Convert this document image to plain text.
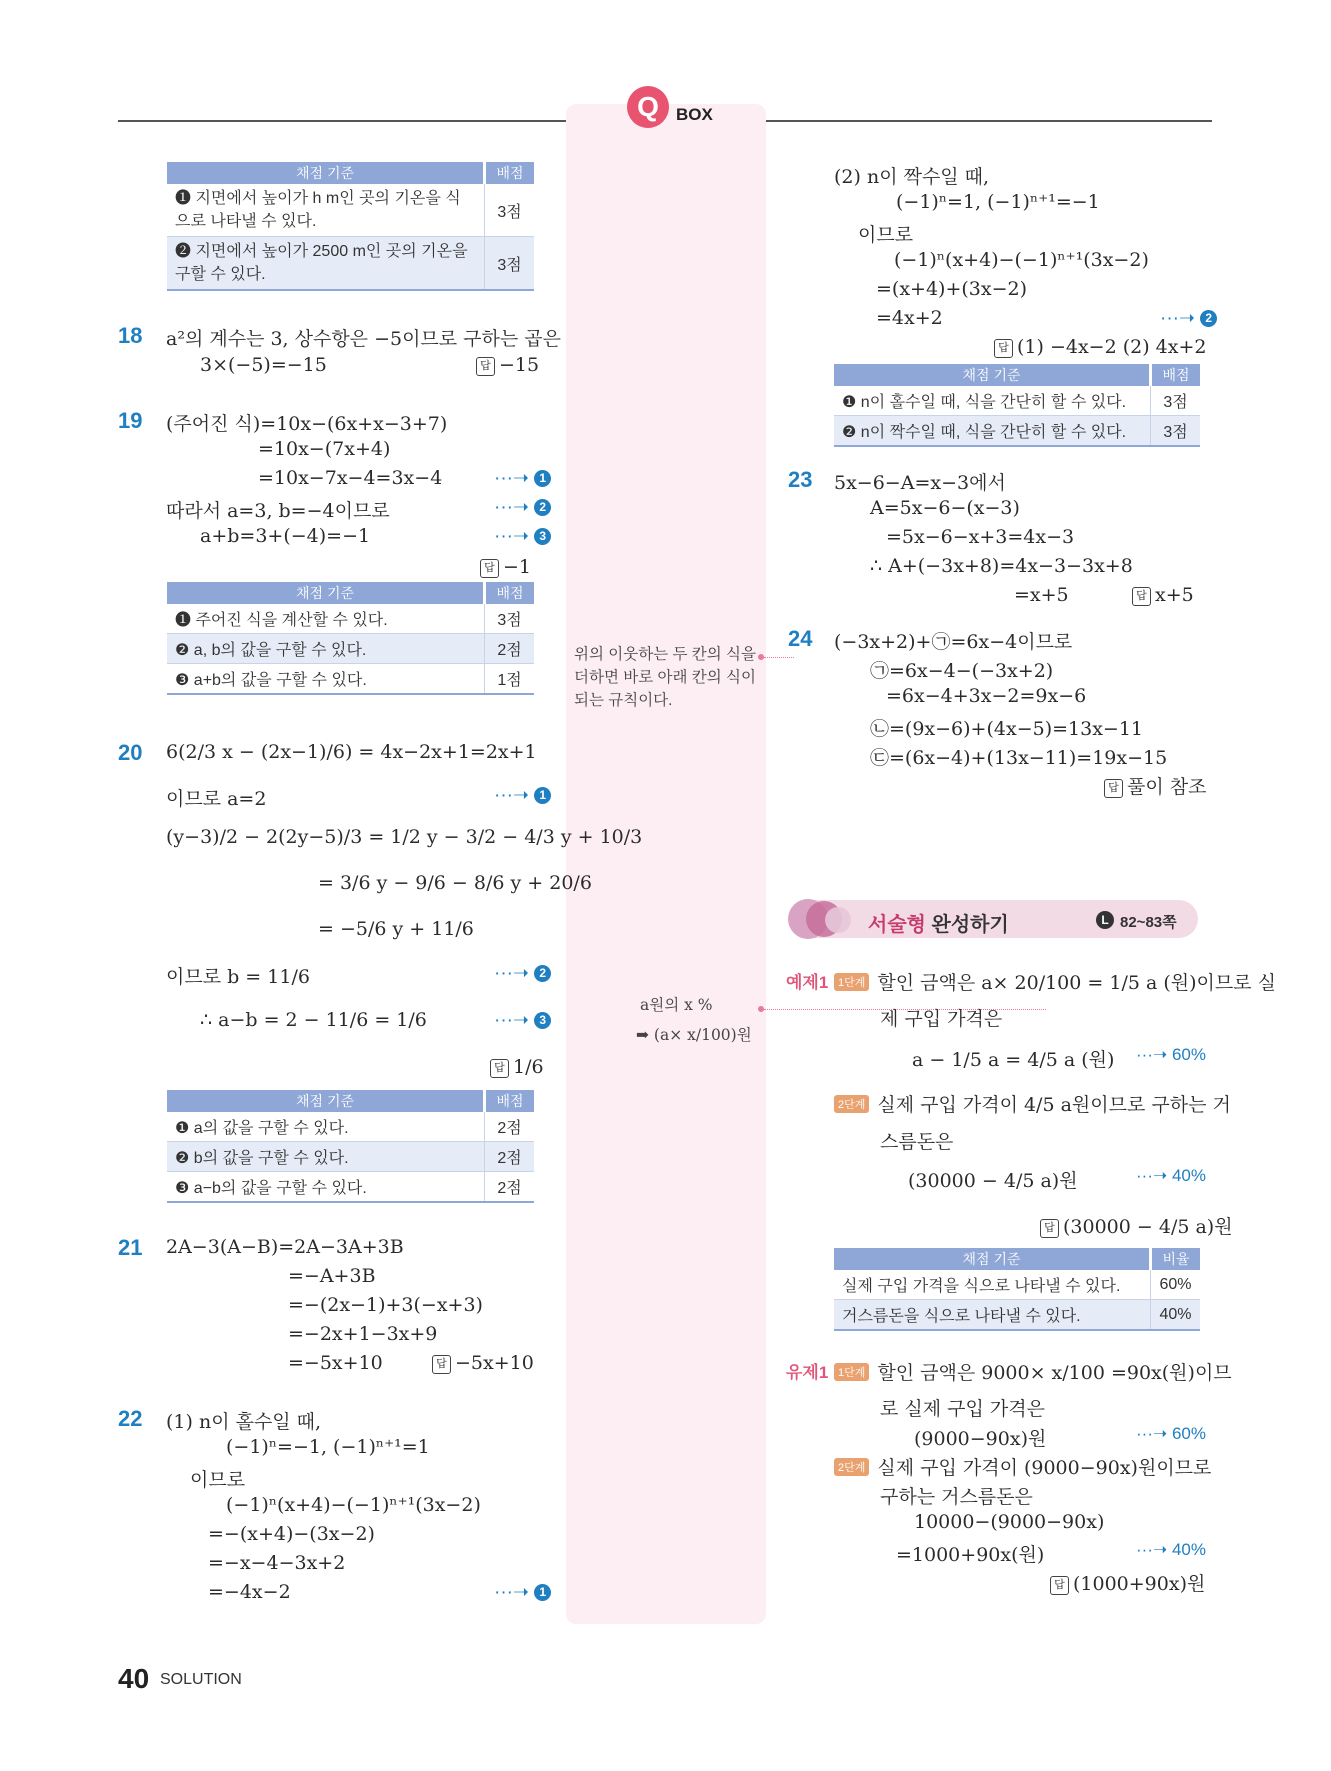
Q	BOX
채점 기준	배점
❶ 지면에서 높이가 h m인 곳의 기온을 식으로 나타낼 수 있다.	3점
❷ 지면에서 높이가 2500 m인 곳의 기온을 구할 수 있다.	3점
18 a²의 계수는 3, 상수항은 −5이므로 구하는 곱은
3×(−5)=−15	답 −15
19 (주어진 식)=10x−(6x+x−3+7)
=10x−(7x+4)
=10x−7x−4=3x−4	···➝ 1
따라서 a=3, b=−4이므로	···➝ 2
a+b=3+(−4)=−1	···➝ 3
답 −1
채점 기준	배점
❶ 주어진 식을 계산할 수 있다.	3점
❷ a, b의 값을 구할 수 있다.	2점
❸ a+b의 값을 구할 수 있다.	1점
20 6(2/3 x − (2x−1)/6) = 4x−2x+1=2x+1
이므로 a=2	···➝ 1
(y−3)/2 − 2(2y−5)/3 = 1/2 y − 3/2 − 4/3 y + 10/3
= 3/6 y − 9/6 − 8/6 y + 20/6
= −5/6 y + 11/6
이므로 b = 11/6	···➝ 2
∴ a−b = 2 − 11/6 = 1/6	···➝ 3
답 1/6
채점 기준	배점
❶ a의 값을 구할 수 있다.	2점
❷ b의 값을 구할 수 있다.	2점
❸ a−b의 값을 구할 수 있다.	2점
21 2A−3(A−B)=2A−3A+3B
=−A+3B
=−(2x−1)+3(−x+3)
=−2x+1−3x+9
=−5x+10	답 −5x+10
22 (1) n이 홀수일 때,
(−1)ⁿ=−1, (−1)ⁿ⁺¹=1
이므로
(−1)ⁿ(x+4)−(−1)ⁿ⁺¹(3x−2)
=−(x+4)−(3x−2)
=−x−4−3x+2
=−4x−2	···➝ 1
위의 이웃하는 두 칸의 식을
더하면 바로 아래 칸의 식이
되는 규칙이다.
a원의 x %
➡ (a× x/100)원
(2) n이 짝수일 때,
(−1)ⁿ=1, (−1)ⁿ⁺¹=−1
이므로
(−1)ⁿ(x+4)−(−1)ⁿ⁺¹(3x−2)
=(x+4)+(3x−2)
=4x+2	···➝ 2
답 (1) −4x−2 (2) 4x+2
채점 기준	배점
❶ n이 홀수일 때, 식을 간단히 할 수 있다.	3점
❷ n이 짝수일 때, 식을 간단히 할 수 있다.	3점
23 5x−6−A=x−3에서
A=5x−6−(x−3)
=5x−6−x+3=4x−3
∴ A+(−3x+8)=4x−3−3x+8
=x+5	답 x+5
24 (−3x+2)+㉠=6x−4이므로
㉠=6x−4−(−3x+2)
=6x−4+3x−2=9x−6
㉡=(9x−6)+(4x−5)=13x−11
㉢=(6x−4)+(13x−11)=19x−15
답 풀이 참조
서술형 완성하기	L 82~83쪽
예제1 1단계 할인 금액은 a× 20/100 = 1/5 a (원)이므로 실
제 구입 가격은
a − 1/5 a = 4/5 a (원) ···➝ 60%
2단계 실제 구입 가격이 4/5 a원이므로 구하는 거
스름돈은
(30000 − 4/5 a)원	···➝ 40%
답 (30000 − 4/5 a)원
채점 기준	비율
실제 구입 가격을 식으로 나타낼 수 있다.	60%
거스름돈을 식으로 나타낼 수 있다.	40%
유제1 1단계 할인 금액은 9000× x/100 =90x(원)이므
로 실제 구입 가격은
(9000−90x)원	···➝ 60%
2단계 실제 구입 가격이 (9000−90x)원이므로
구하는 거스름돈은
10000−(9000−90x)
=1000+90x(원)	···➝ 40%
답 (1000+90x)원
40 SOLUTION
